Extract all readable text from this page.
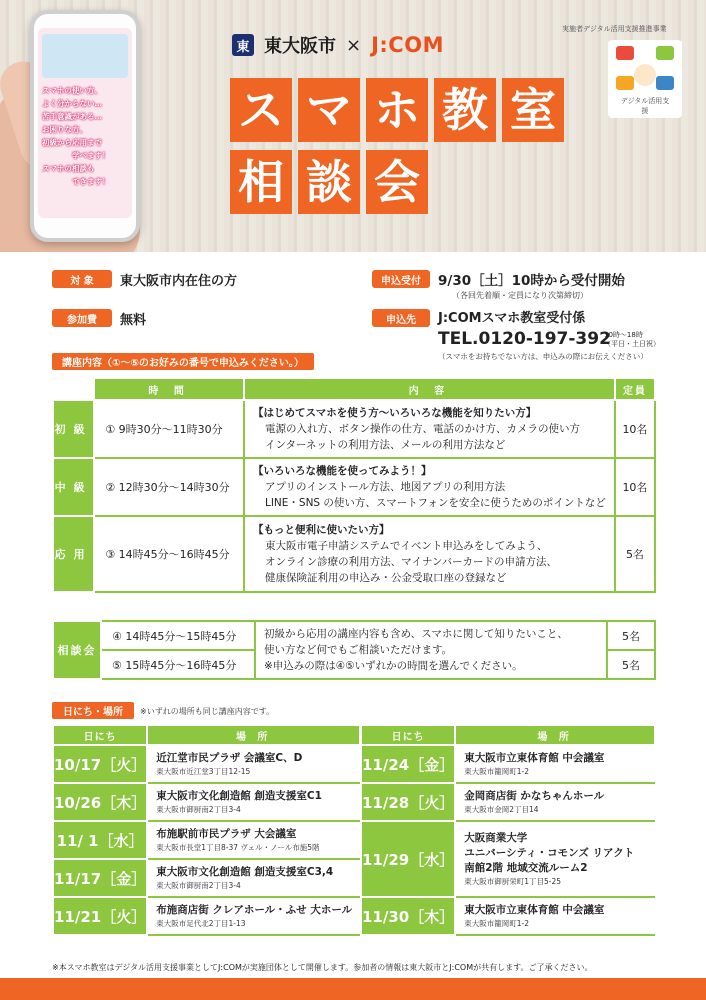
スマホの使い方、
よく分からない…
苦手意識がある…
お困りな方、
初級から応用まで
学べます！
スマホの相談も
できます！
東 東大阪市 × J:COM
ス マ ホ 教 室
相 談 会
実施者デジタル活用支援推進事業
デジタル活用支援
対 象	東大阪市内在住の方
参加費	無料
申込受付	9/30［土］10時から受付開始
（各回先着順・定員になり次第締切）
申込先	J:COMスマホ教室受付係
TEL.0120-197-392
10時〜18時
（平日・土日祝）
（スマホをお持ちでない方は、申込みの際にお伝えください）
講座内容（①〜⑤のお好みの番号で申込みください。）
	時 間	内 容	定員
初級	① 9時30分〜11時30分	【はじめてスマホを使う方〜いろいろな機能を知りたい方】
電源の入れ方、ボタン操作の仕方、電話のかけ方、カメラの使い方
インターネットの利用方法、メールの利用方法など	10名
中級	② 12時30分〜14時30分	【いろいろな機能を使ってみよう！】
アプリのインストール方法、地図アプリの利用方法
LINE・SNS の使い方、スマートフォンを安全に使うためのポイントなど	10名
応用	③ 14時45分〜16時45分	【もっと便利に使いたい方】
東大阪市電子申請システムでイベント申込みをしてみよう、
オンライン診療の利用方法、マイナンバーカードの申請方法、
健康保険証利用の申込み・公金受取口座の登録など	5名
相談会	④ 14時45分〜15時45分	初級から応用の講座内容も含め、スマホに関して知りたいこと、
使い方など何でもご相談いただけます。
※申込みの際は④⑤いずれかの時間を選んでください。	5名
	⑤ 15時45分〜16時45分		5名
日にち・場所	※いずれの場所も同じ講座内容です。
日にち	場 所
10/17［火］	近江堂市民プラザ 会議室C、D
東大阪市近江堂3丁目12-15

10/26［木］	東大阪市文化創造館 創造支援室C1
東大阪市御厨南2丁目3-4

11/ 1［水］	布施駅前市民プラザ 大会議室
東大阪市長堂1丁目8-37 ヴェル・ノール布施5階

11/17［金］	東大阪市文化創造館 創造支援室C3,4
東大阪市御厨南2丁目3-4

11/21［火］	布施商店街 クレアホール・ふせ 大ホール
東大阪市足代北2丁目1-13
日にち	場 所
11/24［金］	東大阪市立東体育館 中会議室
東大阪市籠岡町1-2

11/28［火］	金岡商店街 かなちゃんホール
東大阪市金岡2丁目14

11/29［水］	大阪商業大学
ユニバーシティ・コモンズ リアクト
南館2階 地域交流ルーム2
東大阪市御厨栄町1丁目5-25

11/30［木］	東大阪市立東体育館 中会議室
東大阪市籠岡町1-2
※本スマホ教室はデジタル活用支援事業としてJ:COMが実施団体として開催します。参加者の情報は東大阪市とJ:COMが共有します。ご了承ください。
